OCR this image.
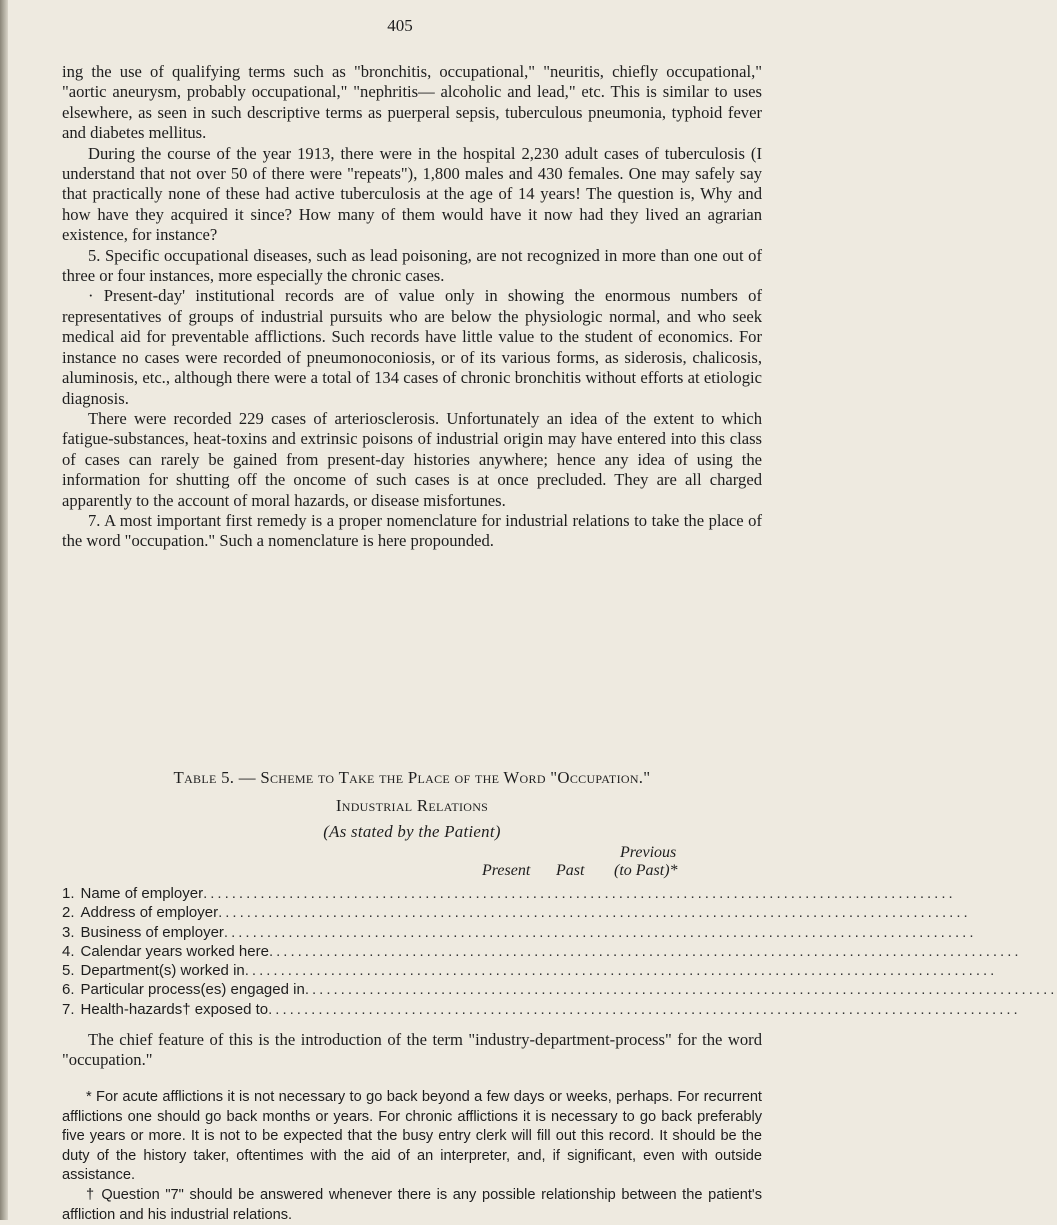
405

ing the use of qualifying terms such as "bronchitis, occupational," "neuritis, chiefly occupational," "aortic aneurysm, probably occupational," "nephritis— alcoholic and lead," etc. This is similar to uses elsewhere, as seen in such descriptive terms as puerperal sepsis, tuberculous pneumonia, typhoid fever and diabetes mellitus.

During the course of the year 1913, there were in the hospital 2,230 adult cases of tuberculosis (I understand that not over 50 of there were "repeats"), 1,800 males and 430 females. One may safely say that practically none of these had active tuberculosis at the age of 14 years! The question is, Why and how have they acquired it since? How many of them would have it now had they lived an agrarian existence, for instance?

5. Specific occupational diseases, such as lead poisoning, are not recognized in more than one out of three or four instances, more especially the chronic cases.

· Present-day' institutional records are of value only in showing the enormous numbers of representatives of groups of industrial pursuits who are below the physiologic normal, and who seek medical aid for preventable afflictions. Such records have little value to the student of economics. For instance no cases were recorded of pneumonoconiosis, or of its various forms, as siderosis, chalicosis, aluminosis, etc., although there were a total of 134 cases of chronic bronchitis without efforts at etiologic diagnosis.

There were recorded 229 cases of arteriosclerosis. Unfortunately an idea of the extent to which fatigue-substances, heat-toxins and extrinsic poisons of industrial origin may have entered into this class of cases can rarely be gained from present-day histories anywhere; hence any idea of using the information for shutting off the oncome of such cases is at once precluded. They are all charged apparently to the account of moral hazards, or disease misfortunes.

7. A most important first remedy is a proper nomenclature for industrial relations to take the place of the word "occupation." Such a nomenclature is here propounded.

Table 5. — Scheme to Take the Place of the Word "Occupation."
Industrial Relations
(As stated by the Patient)
Previous
Present Past (to Past)*
1. Name of employer .........................................................................................................
2. Address of employer .........................................................................................................
3. Business of employer .........................................................................................................
4. Calendar years worked here .........................................................................................................
5. Department(s) worked in .........................................................................................................
6. Particular process(es) engaged in .........................................................................................................
7. Health-hazards† exposed to .........................................................................................................

The chief feature of this is the introduction of the term "industry-department-process" for the word "occupation."

* For acute afflictions it is not necessary to go back beyond a few days or weeks, perhaps. For recurrent afflictions one should go back months or years. For chronic afflictions it is necessary to go back preferably five years or more. It is not to be expected that the busy entry clerk will fill out this record. It should be the duty of the history taker, oftentimes with the aid of an interpreter, and, if significant, even with outside assistance.

† Question "7" should be answered whenever there is any possible relationship between the patient's affliction and his industrial relations.
